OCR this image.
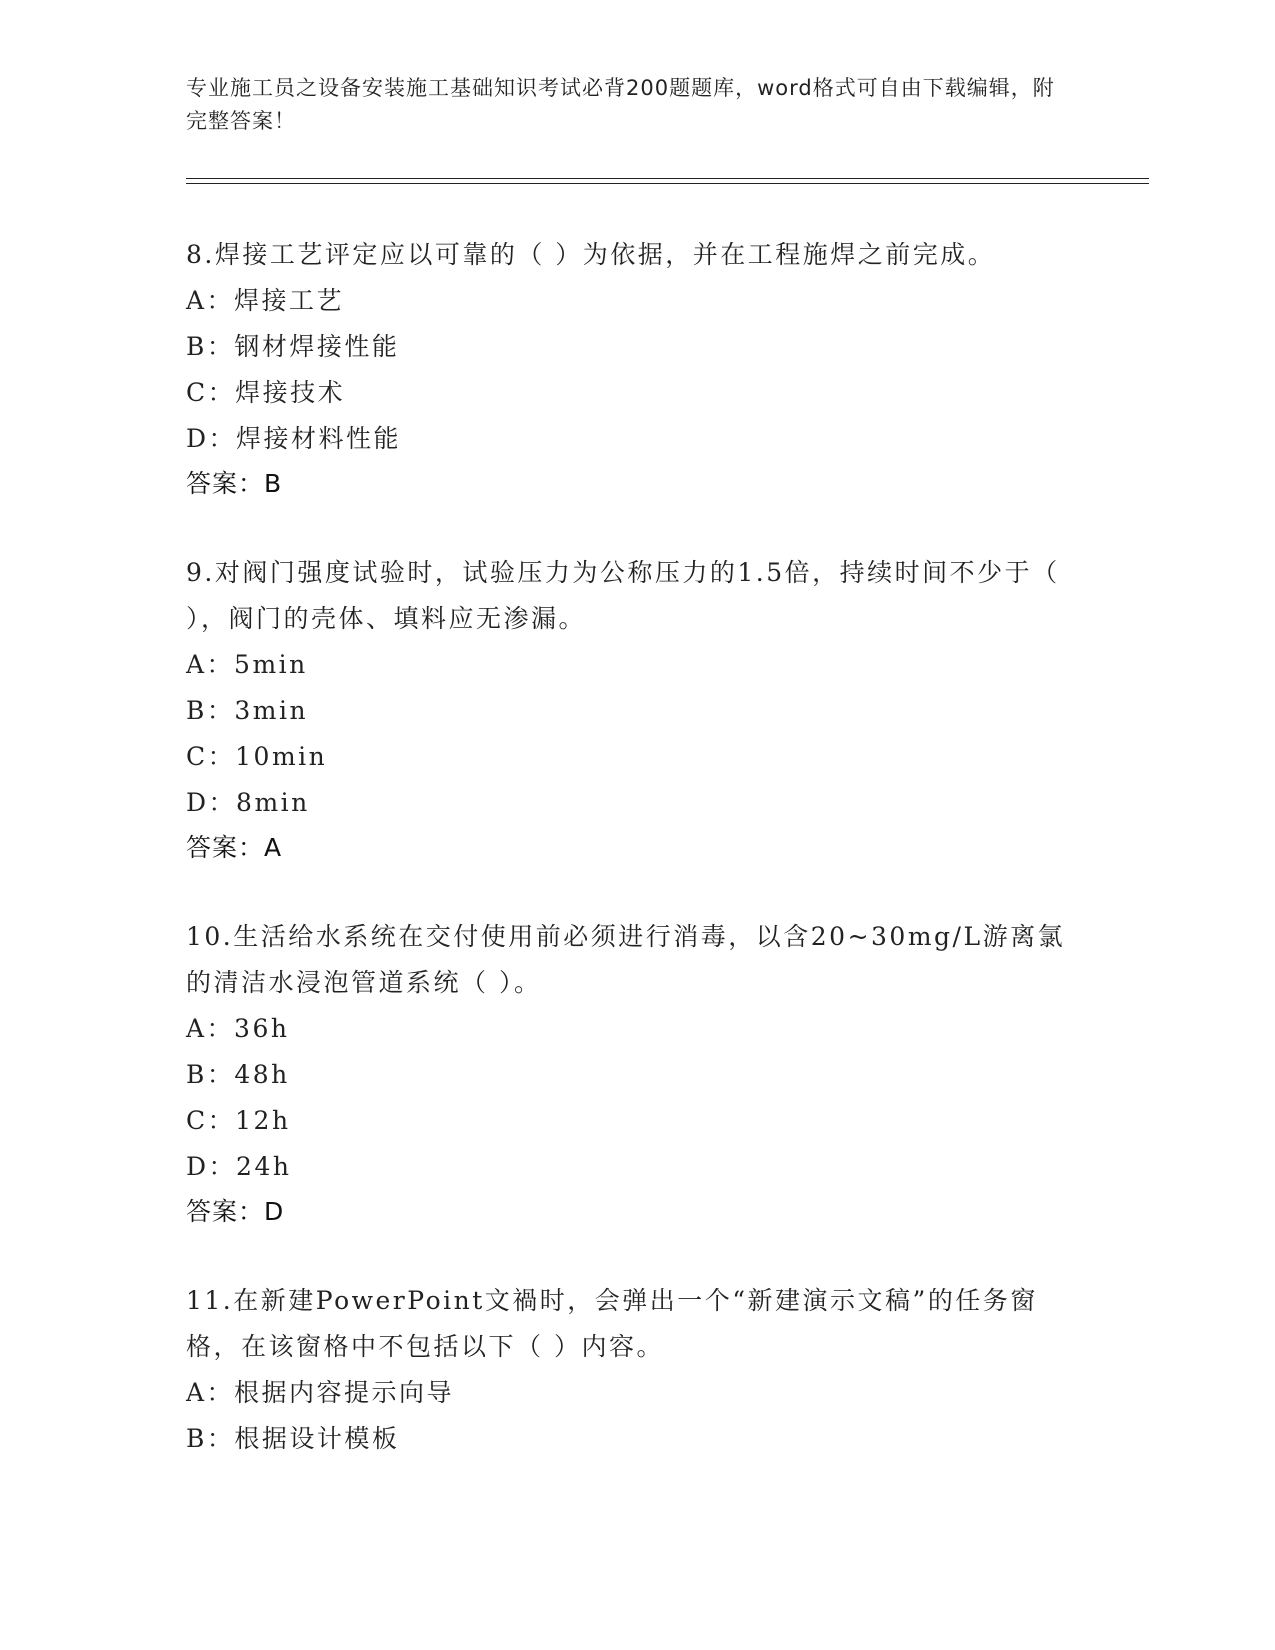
专业施工员之设备安装施工基础知识考试必背200题题库，word格式可自由下载编辑，附完整答案！
8.焊接工艺评定应以可靠的（ ）为依据，并在工程施焊之前完成。
A：焊接工艺
B：钢材焊接性能
C：焊接技术
D：焊接材料性能
答案：B
9.对阀门强度试验时，试验压力为公称压力的1.5倍，持续时间不少于（ ），阀门的壳体、填料应无渗漏。
A：5min
B：3min
C：10min
D：8min
答案：A
10.生活给水系统在交付使用前必须进行消毒，以含20~30mg/L游离氯的清洁水浸泡管道系统（ ）。
A：36h
B：48h
C：12h
D：24h
答案：D
11.在新建PowerPoint文禍时，会弹出一个“新建演示文稿”的任务窗格，在该窗格中不包括以下（ ）内容。
A：根据内容提示向导
B：根据设计模板
